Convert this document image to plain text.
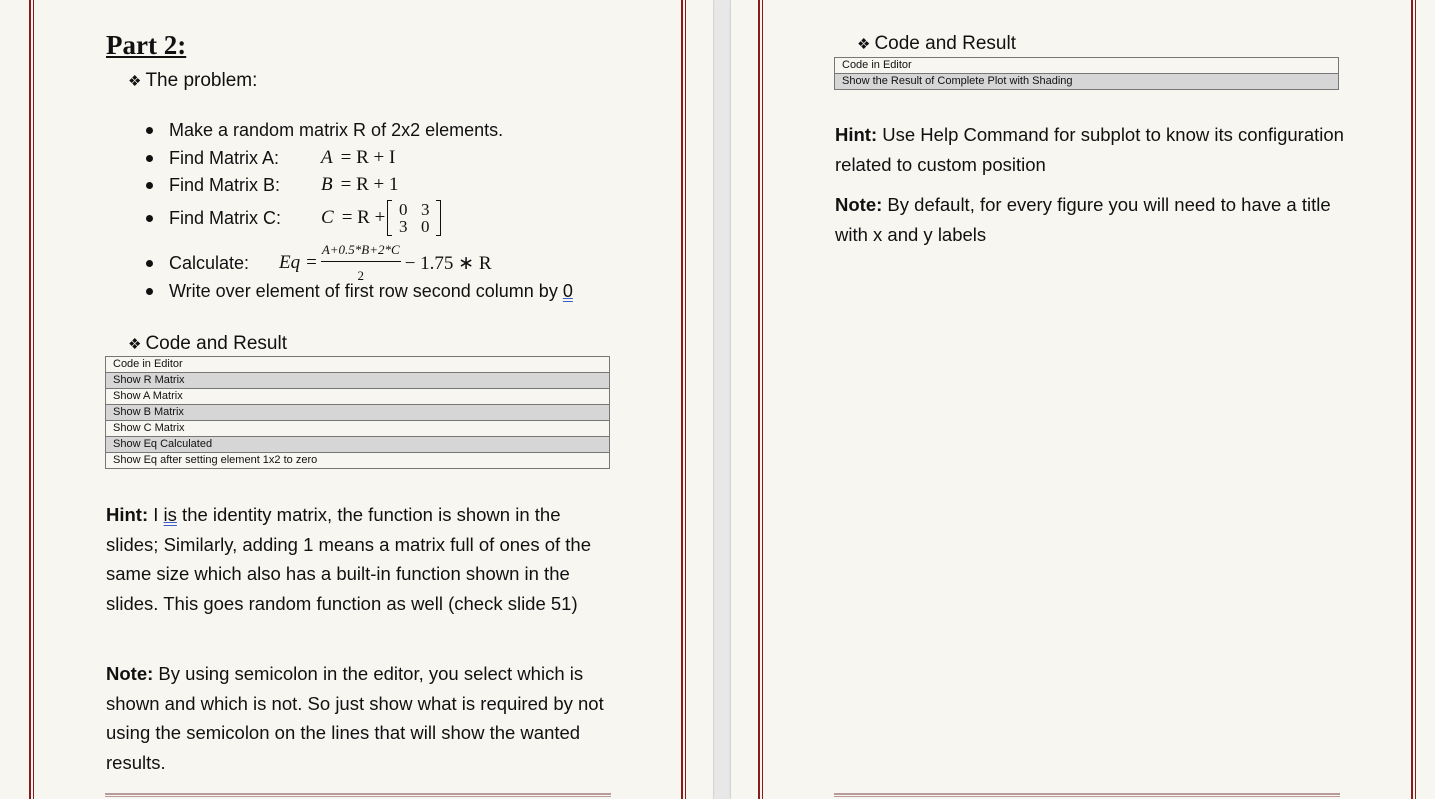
Part 2:
❖ The problem:
Make a random matrix R of 2x2 elements.
Find Matrix A:	A = R + I
Find Matrix B:	B = R + 1
Find Matrix C:	C = R + 0 3
3 0
Calculate:	$Eq = \frac{A+0.5*B+2*C}{2} - 1.75$ ∗ R
Write over element of first row second column by 0
❖ Code and Result
Code in Editor
Show R Matrix
Show A Matrix
Show B Matrix
Show C Matrix
Show Eq Calculated
Show Eq after setting element 1x2 to zero
Hint: I is the identity matrix, the function is shown in the slides; Similarly, adding 1 means a matrix full of ones of the same size which also has a built-in function shown in the slides. This goes random function as well (check slide 51)
Note: By using semicolon in the editor, you select which is shown and which is not. So just show what is required by not using the semicolon on the lines that will show the wanted results.
❖ Code and Result
Code in Editor
Show the Result of Complete Plot with Shading
Hint: Use Help Command for subplot to know its configuration related to custom position
Note: By default, for every figure you will need to have a title with x and y labels
